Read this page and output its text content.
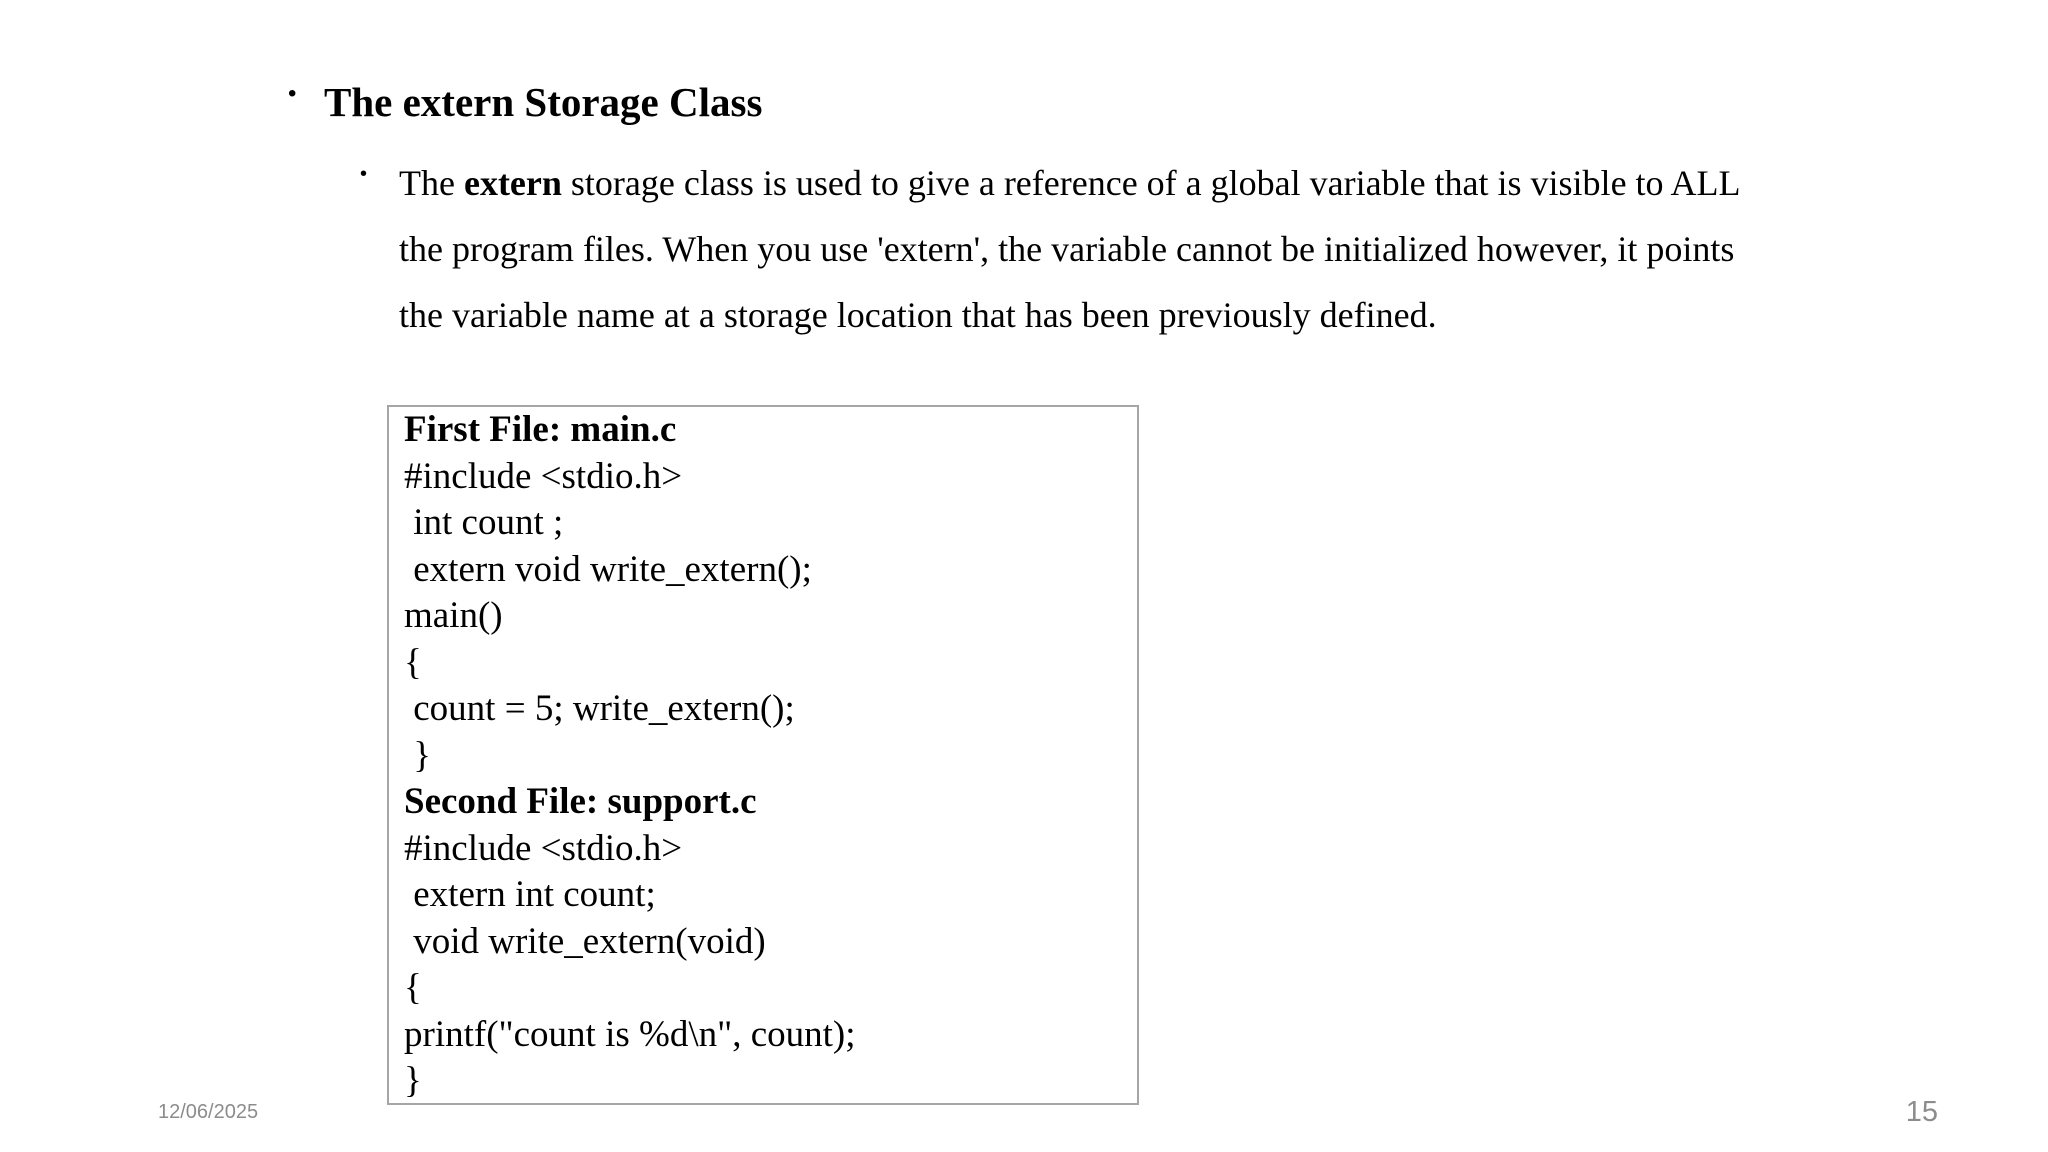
• The extern Storage Class
• The extern storage class is used to give a reference of a global variable that is visible to ALL
the program files. When you use 'extern', the variable cannot be initialized however, it points
the variable name at a storage location that has been previously defined.
First File: main.c
#include <stdio.h>
int count ;
extern void write_extern();
main()
{
count = 5; write_extern();
}
Second File: support.c
#include <stdio.h>
extern int count;
void write_extern(void)
{
printf("count is %d\n", count);
}
12/06/2025	15
